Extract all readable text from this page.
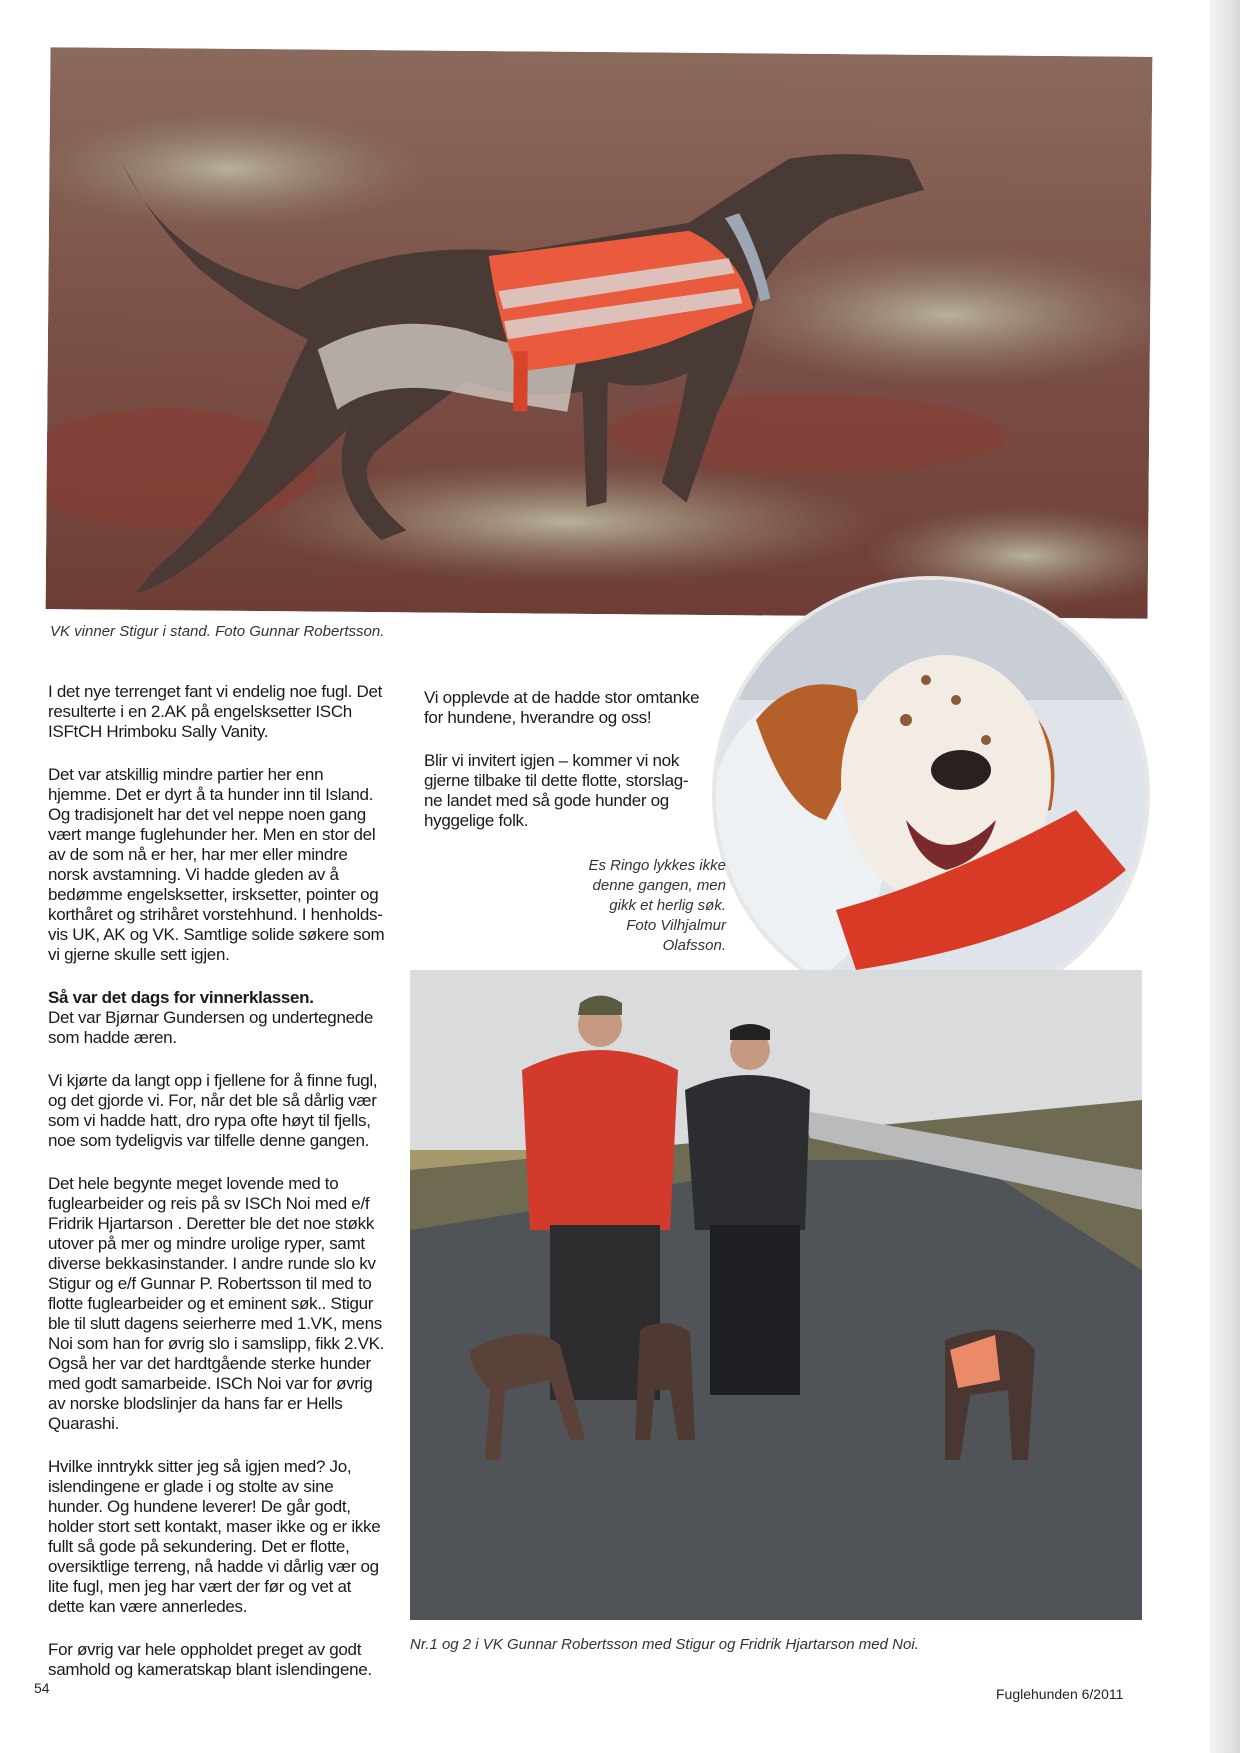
VK vinner Stigur i stand. Foto Gunnar Robertsson.
Es Ringo lykkes ikke
denne gangen, men
gikk et herlig søk.
Foto Vilhjalmur
Olafsson.
Nr.1 og 2 i VK Gunnar Robertsson med Stigur og Fridrik Hjartarson med Noi.

I det nye terrenget fant vi endelig noe fugl. Det
resulterte i en 2.AK på engelsksetter ISCh
ISFtCH Hrimboku Sally Vanity.

Det var atskillig mindre partier her enn
hjemme. Det er dyrt å ta hunder inn til Island.
Og tradisjonelt har det vel neppe noen gang
vært mange fuglehunder her. Men en stor del
av de som nå er her, har mer eller mindre
norsk avstamning. Vi hadde gleden av å
bedømme engelsksetter, irsksetter, pointer og
korthåret og strihåret vorstehhund. I henholds-
vis UK, AK og VK. Samtlige solide søkere som
vi gjerne skulle sett igjen.

Så var det dags for vinnerklassen.
Det var Bjørnar Gundersen og undertegnede
som hadde æren.

Vi kjørte da langt opp i fjellene for å finne fugl,
og det gjorde vi. For, når det ble så dårlig vær
som vi hadde hatt, dro rypa ofte høyt til fjells,
noe som tydeligvis var tilfelle denne gangen.

Det hele begynte meget lovende med to
fuglearbeider og reis på sv ISCh Noi med e/f
Fridrik Hjartarson . Deretter ble det noe støkk
utover på mer og mindre urolige ryper, samt
diverse bekkasinstander. I andre runde slo kv
Stigur og e/f Gunnar P. Robertsson til med to
flotte fuglearbeider og et eminent søk.. Stigur
ble til slutt dagens seierherre med 1.VK, mens
Noi som han for øvrig slo i samslipp, fikk 2.VK.
Også her var det hardtgående sterke hunder
med godt samarbeide. ISCh Noi var for øvrig
av norske blodslinjer da hans far er Hells
Quarashi.

Hvilke inntrykk sitter jeg så igjen med? Jo,
islendingene er glade i og stolte av sine
hunder. Og hundene leverer! De går godt,
holder stort sett kontakt, maser ikke og er ikke
fullt så gode på sekundering. Det er flotte,
oversiktlige terreng, nå hadde vi dårlig vær og
lite fugl, men jeg har vært der før og vet at
dette kan være annerledes.

For øvrig var hele oppholdet preget av godt
samhold og kameratskap blant islendingene.

Vi opplevde at de hadde stor omtanke
for hundene, hverandre og oss!

Blir vi invitert igjen – kommer vi nok
gjerne tilbake til dette flotte, storslag-
ne landet med så gode hunder og
hyggelige folk.

54	Fuglehunden 6/2011
